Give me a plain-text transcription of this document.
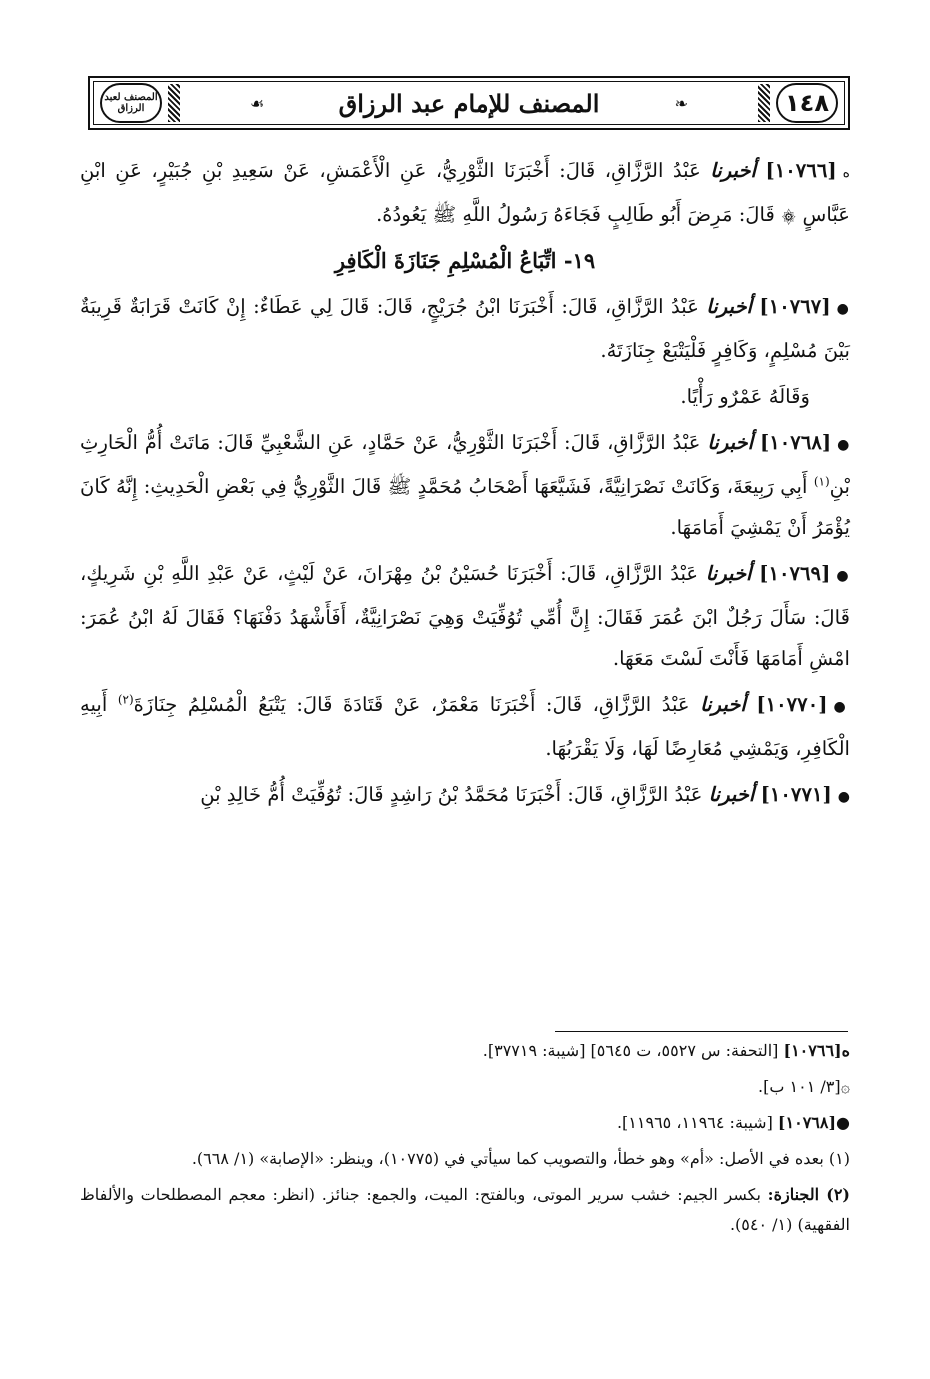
١٤٨
❧
المصنف للإمام عبد الرزاق
☙
المصنف لعبد الرزاق

ه[١٠٧٦٦] أخبرنا عَبْدُ الرَّزَّاقِ، قَالَ: أَخْبَرَنَا الثَّوْرِيُّ، عَنِ الْأَعْمَشِ، عَنْ سَعِيدِ بْنِ جُبَيْرٍ، عَنِ ابْنِ عَبَّاسٍ ۞ قَالَ: مَرِضَ أَبُو طَالِبٍ فَجَاءَهُ رَسُولُ اللَّهِ ﷺ يَعُودُهُ.

١٩- اتِّبَاعُ الْمُسْلِمِ جَنَازَةَ الْكَافِرِ

●[١٠٧٦٧] أخبرنا عَبْدُ الرَّزَّاقِ، قَالَ: أَخْبَرَنَا ابْنُ جُرَيْجٍ، قَالَ: قَالَ لِي عَطَاءٌ: إِنْ كَانَتْ قَرَابَةٌ قَرِيبَةٌ بَيْنَ مُسْلِمٍ، وَكَافِرٍ فَلْيَتْبَعْ جِنَازَتَهُ.

وَقَالَهُ عَمْرٌو رَأْيًا.

●[١٠٧٦٨] أخبرنا عَبْدُ الرَّزَّاقِ، قَالَ: أَخْبَرَنَا الثَّوْرِيُّ، عَنْ حَمَّادٍ، عَنِ الشَّعْبِيِّ قَالَ: مَاتَتْ أُمُّ الْحَارِثِ بْنِ$^{(١)}$ أَبِي رَبِيعَةَ، وَكَانَتْ نَصْرَانِيَّةً، فَشَيَّعَهَا أَصْحَابُ مُحَمَّدٍ ﷺ قَالَ الثَّوْرِيُّ فِي بَعْضِ الْحَدِيثِ: إِنَّهُ كَانَ يُؤْمَرُ أَنْ يَمْشِيَ أَمَامَهَا.

●[١٠٧٦٩] أخبرنا عَبْدُ الرَّزَّاقِ، قَالَ: أَخْبَرَنَا حُسَيْنُ بْنُ مِهْرَانَ، عَنْ لَيْثٍ، عَنْ عَبْدِ اللَّهِ بْنِ شَرِيكٍ، قَالَ: سَأَلَ رَجُلٌ ابْنَ عُمَرَ فَقَالَ: إِنَّ أُمِّي تُوُفِّيَتْ وَهِيَ نَصْرَانِيَّةٌ، أَفَأَشْهَدُ دَفْنَهَا؟ فَقَالَ لَهُ ابْنُ عُمَرَ: امْشِ أَمَامَهَا فَأَنْتَ لَسْتَ مَعَهَا.

●[١٠٧٧٠] أخبرنا عَبْدُ الرَّزَّاقِ، قَالَ: أَخْبَرَنَا مَعْمَرٌ، عَنْ قَتَادَةَ قَالَ: يَتْبَعُ الْمُسْلِمُ جِنَازَةَ$^{(٢)}$ أَبِيهِ الْكَافِرِ، وَيَمْشِي مُعَارِضًا لَهَا، وَلَا يَقْرَبُهَا.

●[١٠٧٧١] أخبرنا عَبْدُ الرَّزَّاقِ، قَالَ: أَخْبَرَنَا مُحَمَّدُ بْنُ رَاشِدٍ قَالَ: تُوُفِّيَتْ أُمُّ خَالِدِ بْنِ

ه[١٠٧٦٦] [التحفة: س ٥٥٢٧، ت ٥٦٤٥] [شيبة: ٣٧٧١٩].

۞[٣/ ١٠١ ب].

●[١٠٧٦٨] [شيبة: ١١٩٦٤، ١١٩٦٥].

(١) بعده في الأصل: «أم» وهو خطأ، والتصويب كما سيأتي في (١٠٧٧٥)، وينظر: «الإصابة» (١/ ٦٦٨).

(٢) الجنازة: بكسر الجيم: خشب سرير الموتى، وبالفتح: الميت، والجمع: جنائز. (انظر: معجم المصطلحات والألفاظ الفقهية) (١/ ٥٤٠).
